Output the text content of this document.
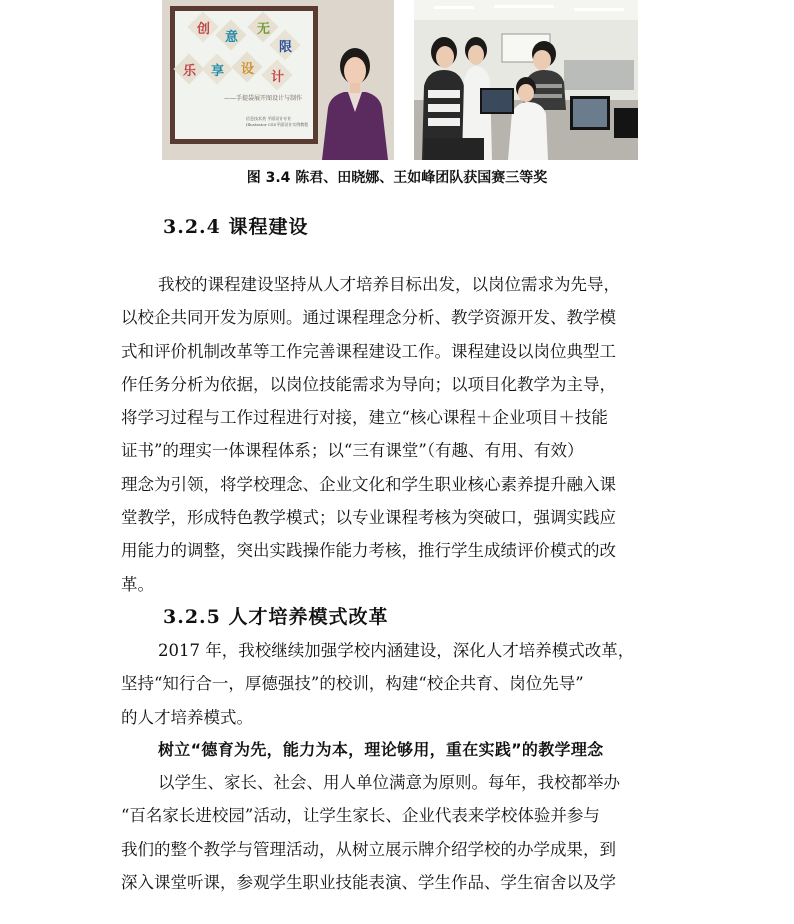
创
意
无
限
乐 享 设
计
——手提袋展开图设计与制作
信息技术类 平面设计专业
Illustrator CS5平面设计实例教程
图 3.4 陈君、田晓娜、王如峰团队获国赛三等奖
3.2.4 课程建设
我校的课程建设坚持从人才培养目标出发，以岗位需求为先导，
以校企共同开发为原则。通过课程理念分析、教学资源开发、教学模
式和评价机制改革等工作完善课程建设工作。课程建设以岗位典型工
作任务分析为依据，以岗位技能需求为导向；以项目化教学为主导，
将学习过程与工作过程进行对接，建立“核心课程＋企业项目＋技能
证书”的理实一体课程体系；以“三有课堂”（有趣、有用、有效）
理念为引领，将学校理念、企业文化和学生职业核心素养提升融入课
堂教学，形成特色教学模式；以专业课程考核为突破口，强调实践应
用能力的调整，突出实践操作能力考核，推行学生成绩评价模式的改
革。
3.2.5 人才培养模式改革
2017 年，我校继续加强学校内涵建设，深化人才培养模式改革，
坚持“知行合一，厚德强技”的校训，构建“校企共育、岗位先导”
的人才培养模式。
树立“德育为先，能力为本，理论够用，重在实践”的教学理念
以学生、家长、社会、用人单位满意为原则。每年，我校都举办
“百名家长进校园”活动，让学生家长、企业代表来学校体验并参与
我们的整个教学与管理活动，从树立展示牌介绍学校的办学成果，到
深入课堂听课，参观学生职业技能表演、学生作品、学生宿舍以及学
